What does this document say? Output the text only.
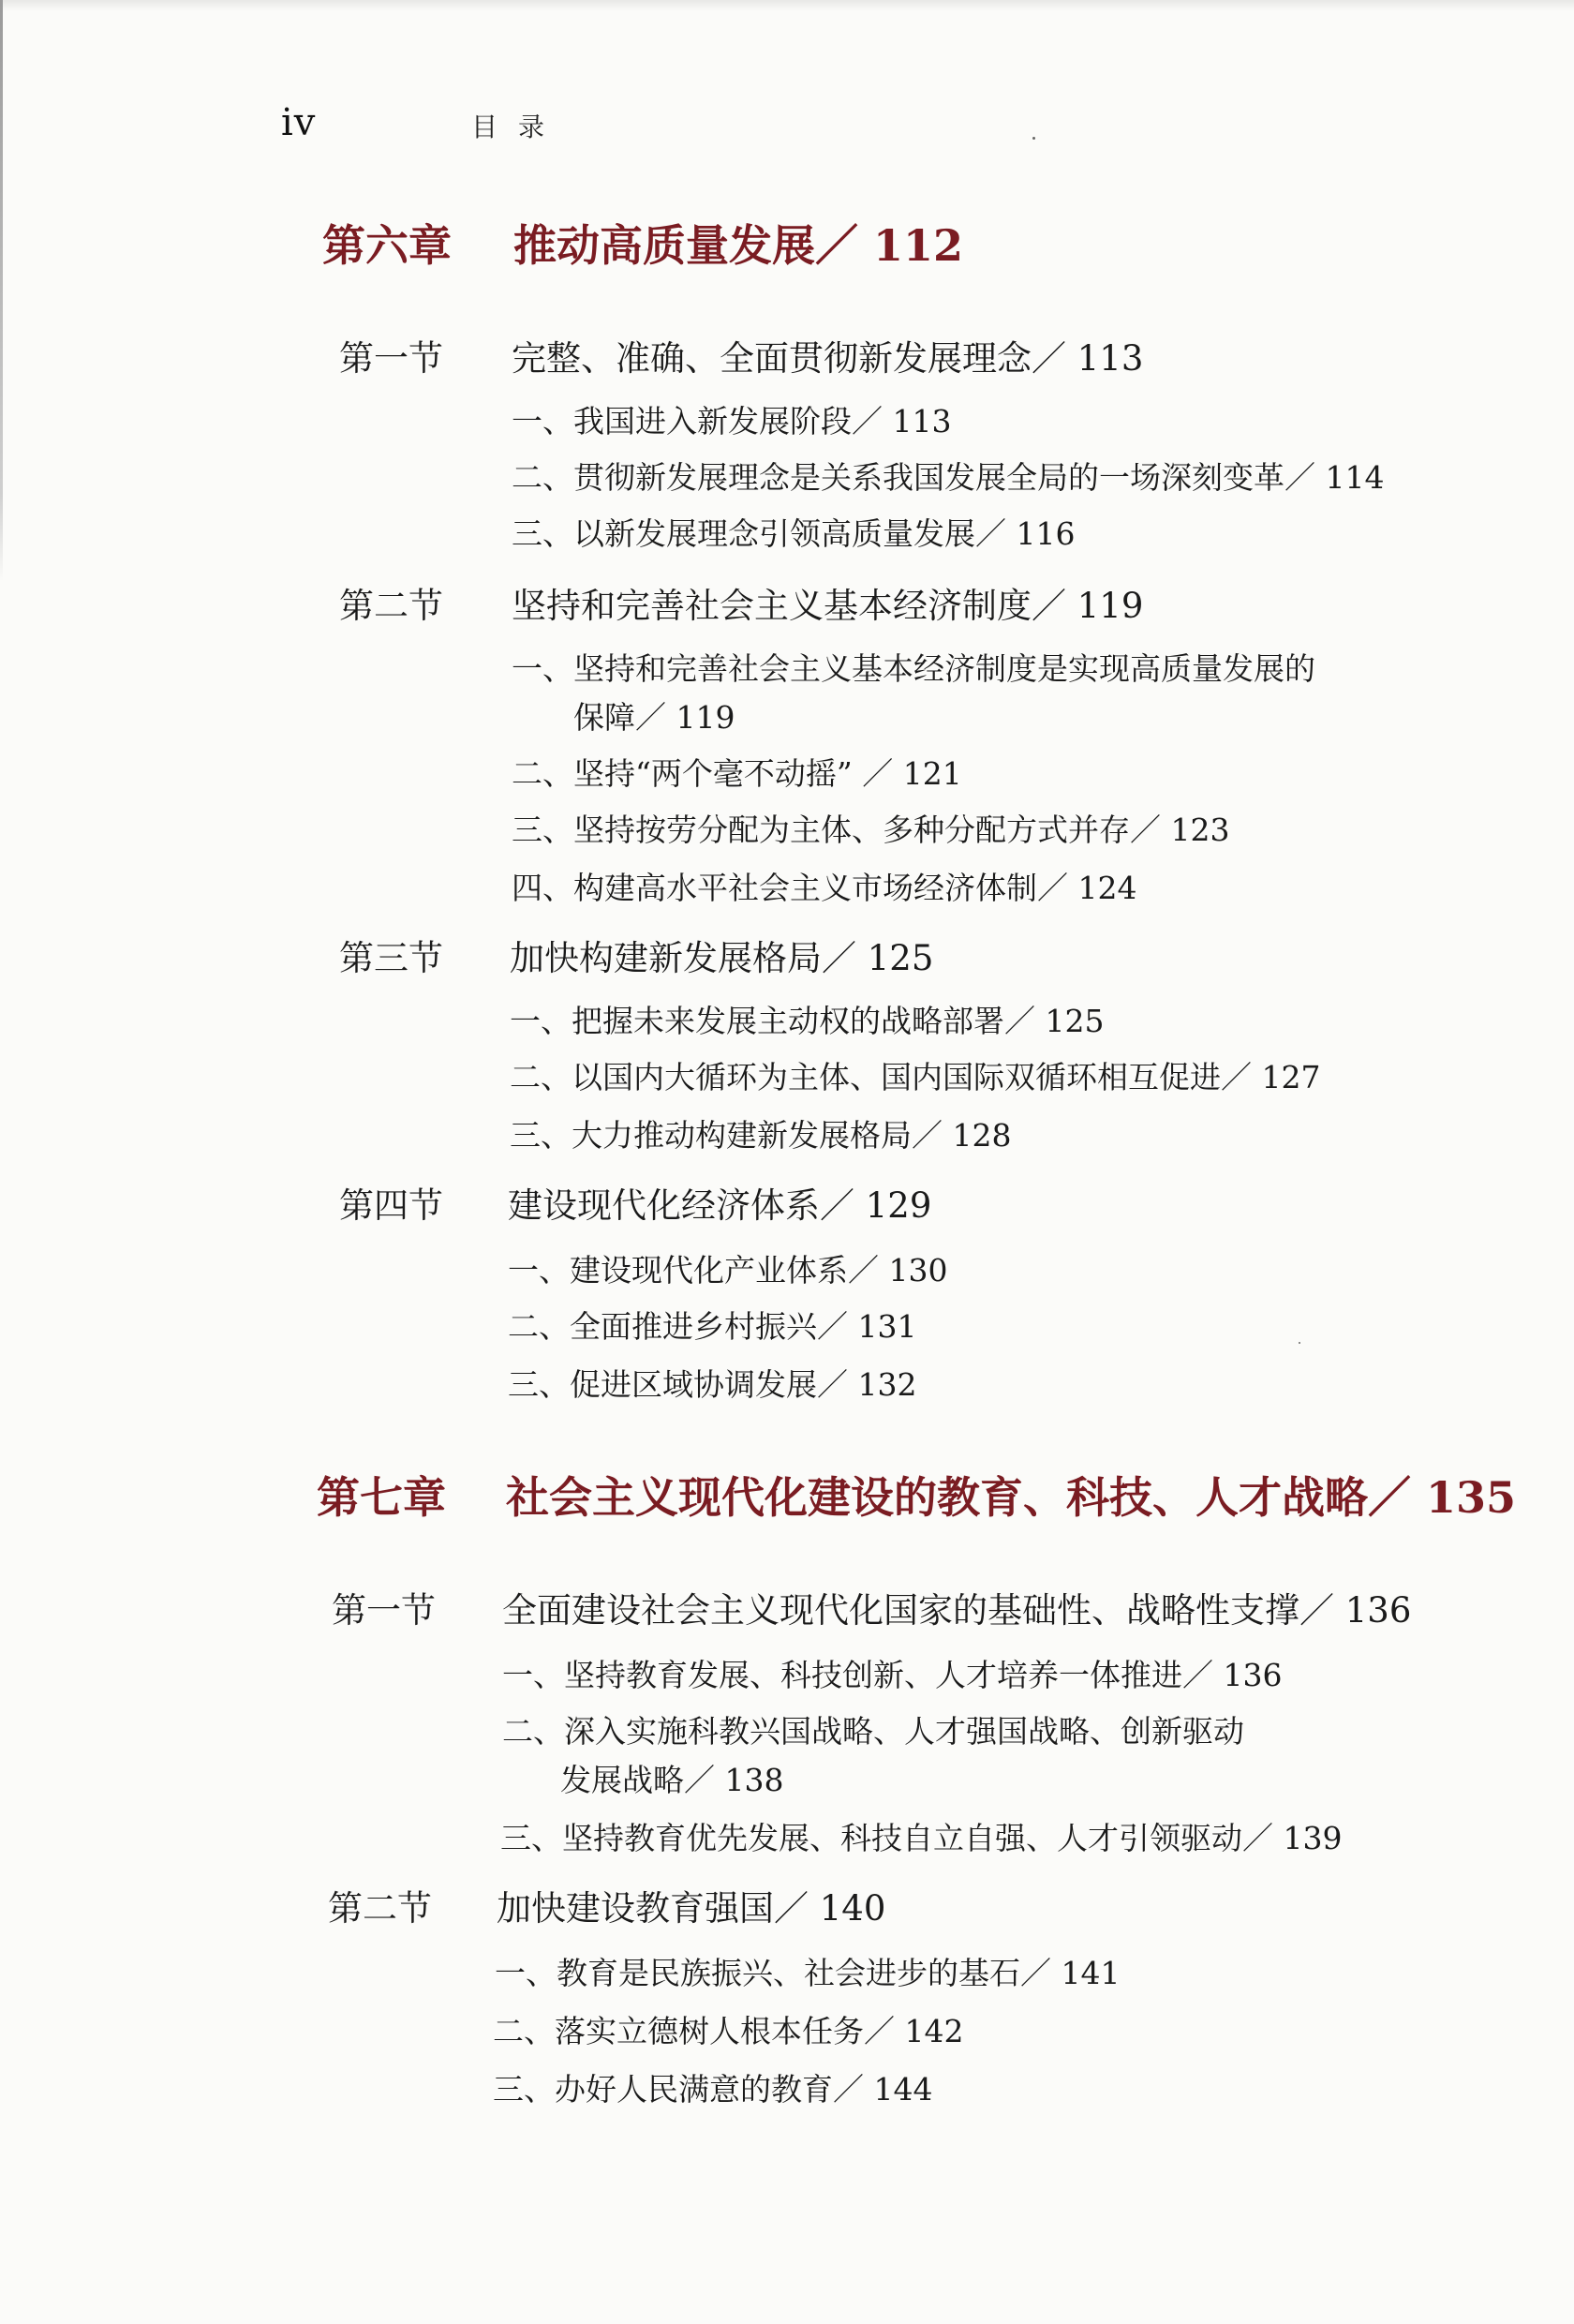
iv	目录
第六章 推动高质量发展／ 112
第一节 完整、准确、全面贯彻新发展理念／ 113
一、我国进入新发展阶段／ 113
二、贯彻新发展理念是关系我国发展全局的一场深刻变革／ 114
三、以新发展理念引领高质量发展／ 116
第二节 坚持和完善社会主义基本经济制度／ 119
一、坚持和完善社会主义基本经济制度是实现高质量发展的
保障／ 119
二、坚持“两个毫不动摇” ／ 121
三、坚持按劳分配为主体、多种分配方式并存／ 123
四、构建高水平社会主义市场经济体制／ 124
第三节 加快构建新发展格局／ 125
一、把握未来发展主动权的战略部署／ 125
二、以国内大循环为主体、国内国际双循环相互促进／ 127
三、大力推动构建新发展格局／ 128
第四节 建设现代化经济体系／ 129
一、建设现代化产业体系／ 130
二、全面推进乡村振兴／ 131
三、促进区域协调发展／ 132
第七章 社会主义现代化建设的教育、科技、人才战略／ 135
第一节 全面建设社会主义现代化国家的基础性、战略性支撑／ 136
一、坚持教育发展、科技创新、人才培养一体推进／ 136
二、深入实施科教兴国战略、人才强国战略、创新驱动
发展战略／ 138
三、坚持教育优先发展、科技自立自强、人才引领驱动／ 139
第二节 加快建设教育强国／ 140
一、教育是民族振兴、社会进步的基石／ 141
二、落实立德树人根本任务／ 142
三、办好人民满意的教育／ 144
